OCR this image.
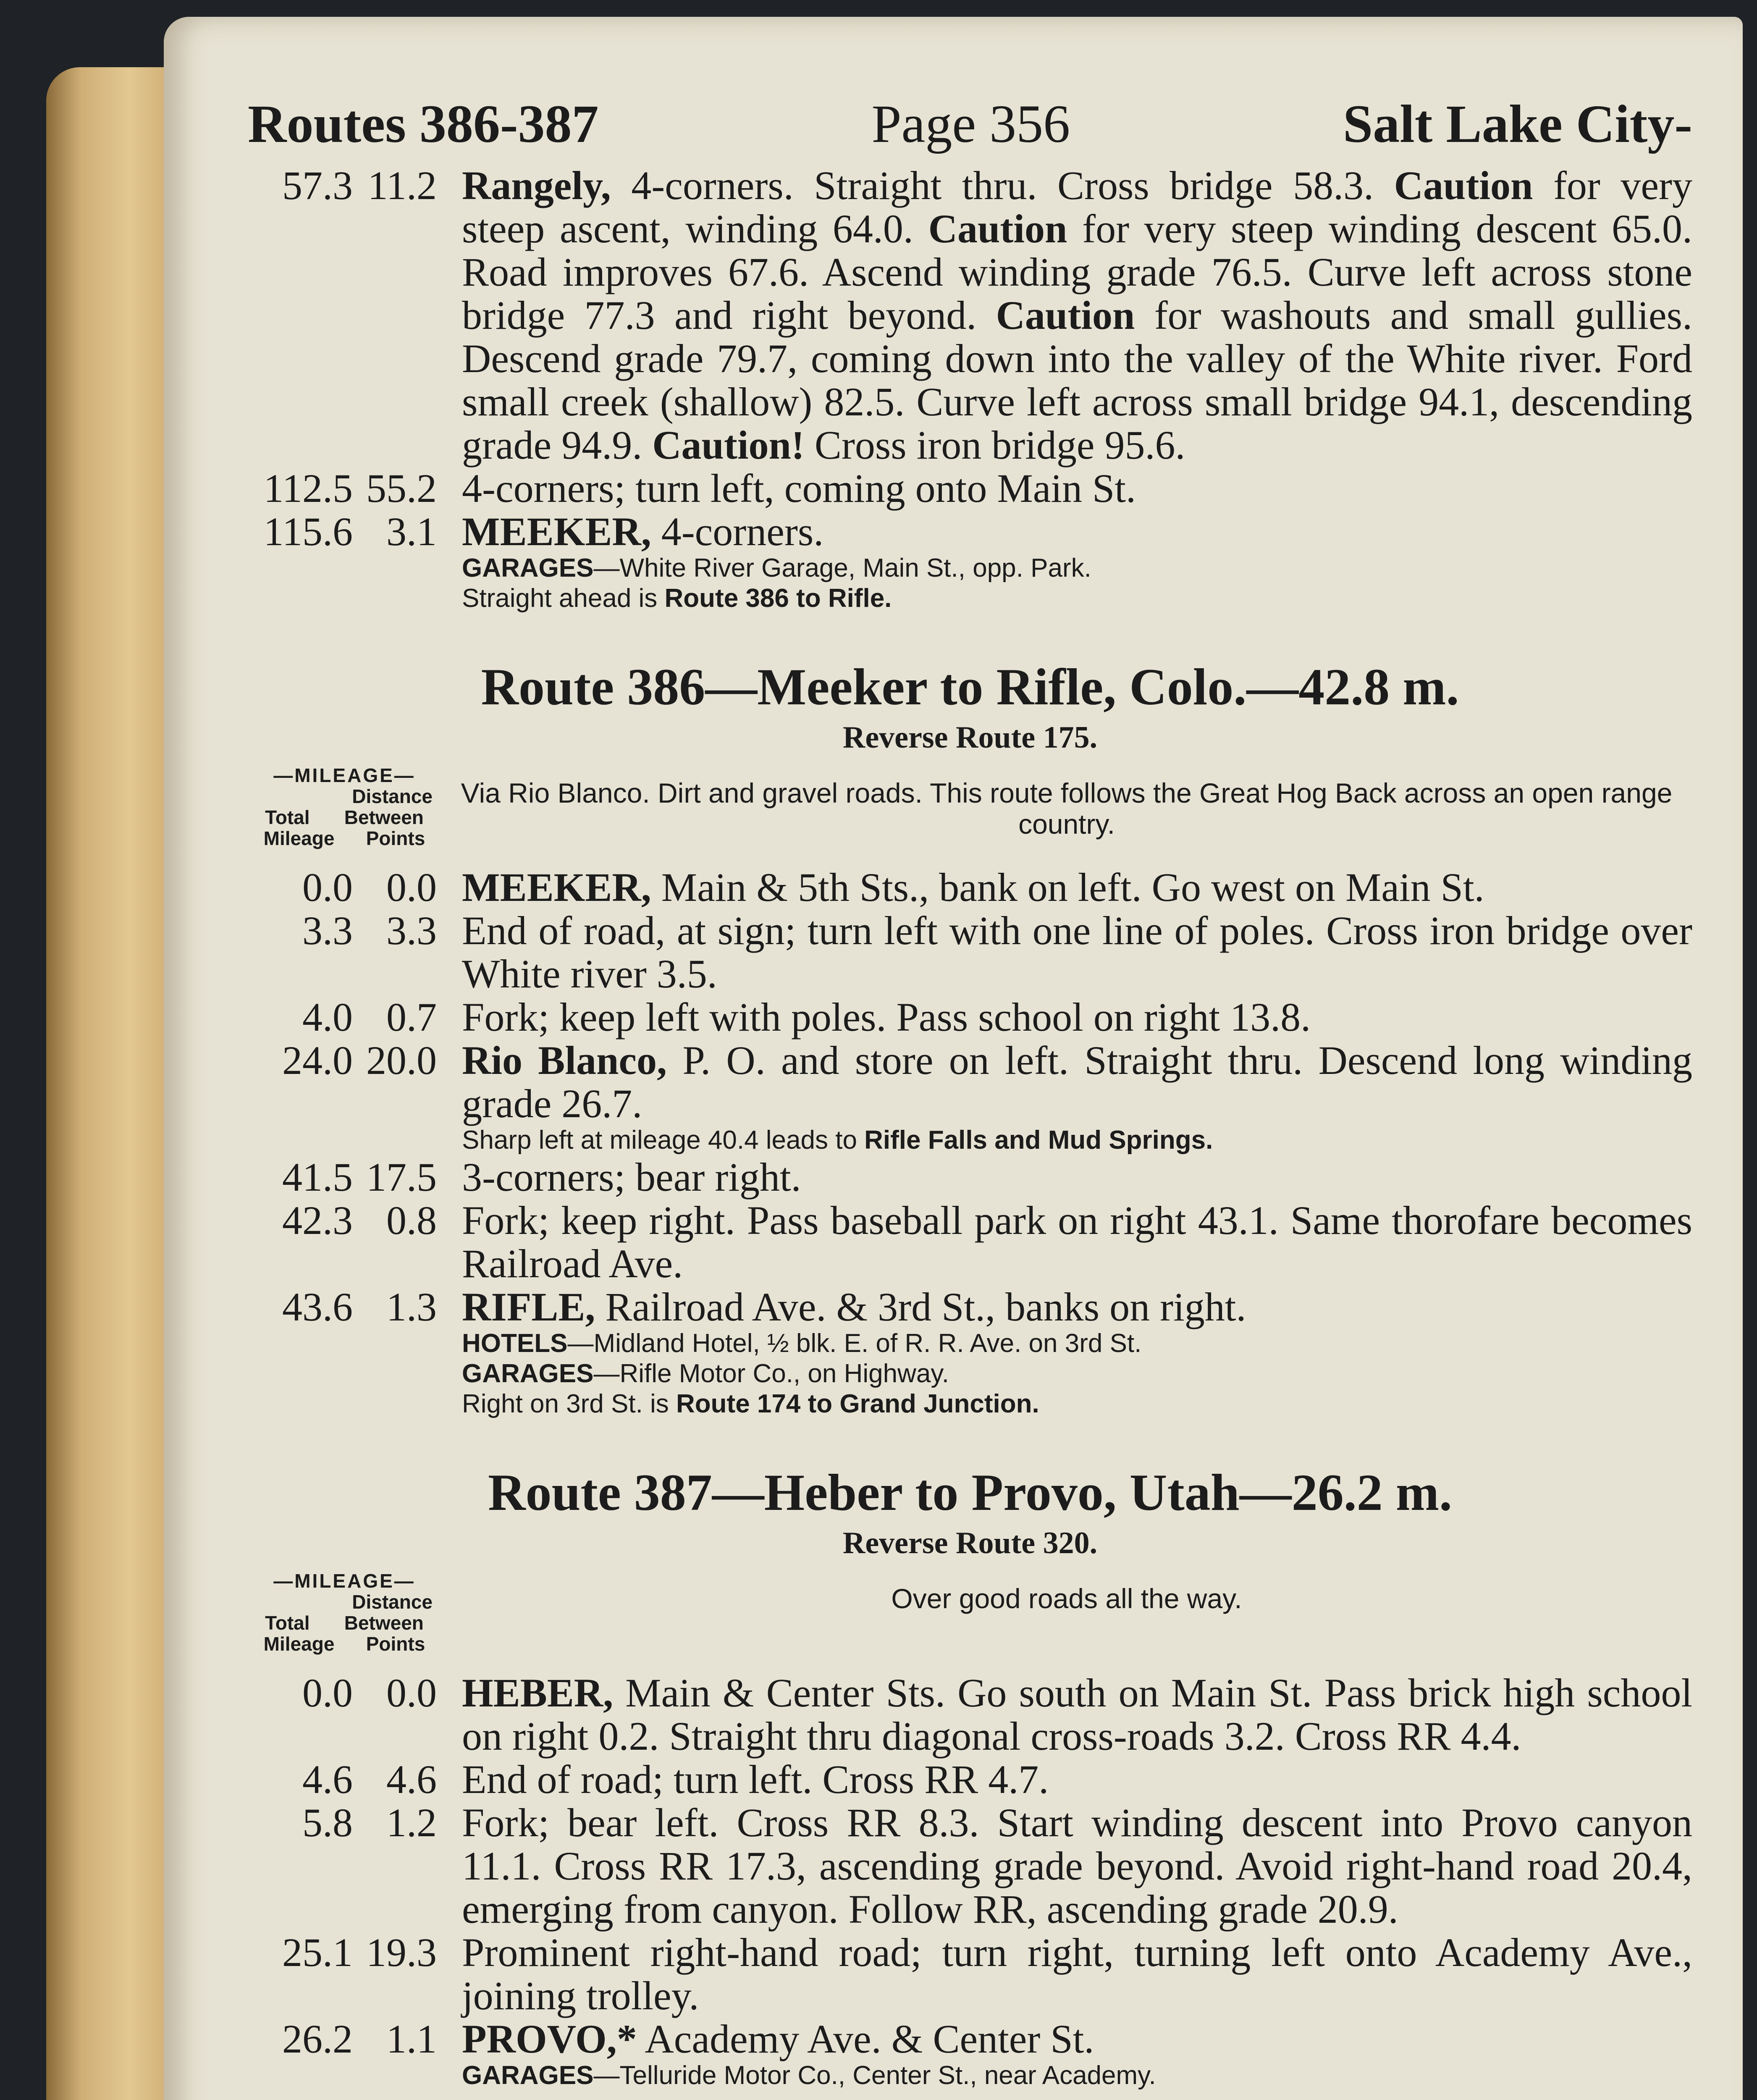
Routes 386-387	Page 356	Salt Lake City-
57.3 11.2 Rangely, 4-corners. Straight thru. Cross bridge 58.3. Caution for very steep ascent, winding 64.0. Caution for very steep winding descent 65.0. Road improves 67.6. Ascend winding grade 76.5. Curve left across stone bridge 77.3 and right beyond. Caution for washouts and small gullies. Descend grade 79.7, coming down into the valley of the White river. Ford small creek (shallow) 82.5. Curve left across small bridge 94.1, descending grade 94.9. Caution! Cross iron bridge 95.6.
112.5 55.2 4-corners; turn left, coming onto Main St.
115.6 3.1 MEEKER, 4-corners.
GARAGES—White River Garage, Main St., opp. Park.
Straight ahead is Route 386 to Rifle.
Route 386—Meeker to Rifle, Colo.—42.8 m.
Reverse Route 175.
—MILEAGE—
Distance
Total Between
Mileage Points
Via Rio Blanco. Dirt and gravel roads. This route follows the Great Hog Back across an open range country.
0.0 0.0 MEEKER, Main & 5th Sts., bank on left. Go west on Main St.
3.3 3.3 End of road, at sign; turn left with one line of poles. Cross iron bridge over White river 3.5.
4.0 0.7 Fork; keep left with poles. Pass school on right 13.8.
24.0 20.0 Rio Blanco, P. O. and store on left. Straight thru. Descend long winding grade 26.7.
Sharp left at mileage 40.4 leads to Rifle Falls and Mud Springs.
41.5 17.5 3-corners; bear right.
42.3 0.8 Fork; keep right. Pass baseball park on right 43.1. Same thorofare becomes Railroad Ave.
43.6 1.3 RIFLE, Railroad Ave. & 3rd St., banks on right.
HOTELS—Midland Hotel, ½ blk. E. of R. R. Ave. on 3rd St.
GARAGES—Rifle Motor Co., on Highway.
Right on 3rd St. is Route 174 to Grand Junction.
Route 387—Heber to Provo, Utah—26.2 m.
Reverse Route 320.
—MILEAGE—
Distance
Total Between
Mileage Points
Over good roads all the way.
0.0 0.0 HEBER, Main & Center Sts. Go south on Main St. Pass brick high school on right 0.2. Straight thru diagonal cross-roads 3.2. Cross RR 4.4.
4.6 4.6 End of road; turn left. Cross RR 4.7.
5.8 1.2 Fork; bear left. Cross RR 8.3. Start winding descent into Provo canyon 11.1. Cross RR 17.3, ascending grade beyond. Avoid right-hand road 20.4, emerging from canyon. Follow RR, ascending grade 20.9.
25.1 19.3 Prominent right-hand road; turn right, turning left onto Academy Ave., joining trolley.
26.2 1.1 PROVO,* Academy Ave. & Center St.
GARAGES—Telluride Motor Co., Center St., near Academy.
